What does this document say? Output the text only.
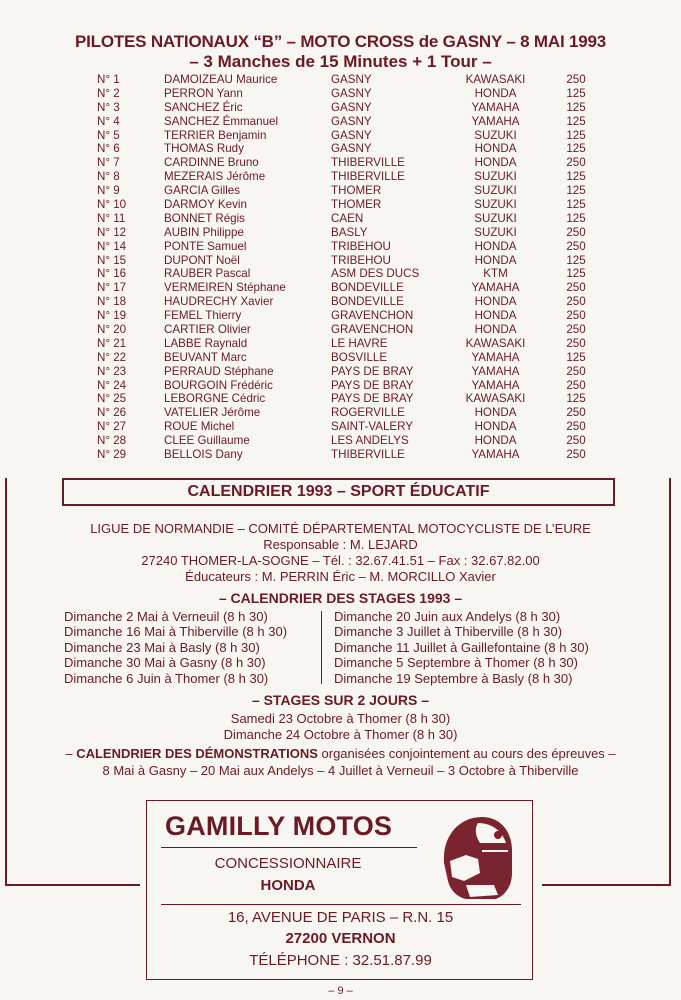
PILOTES NATIONAUX “B” – MOTO CROSS de GASNY – 8 MAI 1993
– 3 Manches de 15 Minutes + 1 Tour –
N° 1	DAMOIZEAU Maurice	GASNY	KAWASAKI	250
N° 2	PERRON Yann	GASNY	HONDA	125
N° 3	SANCHEZ Éric	GASNY	YAMAHA	125
N° 4	SANCHEZ Émmanuel	GASNY	YAMAHA	125
N° 5	TERRIER Benjamin	GASNY	SUZUKI	125
N° 6	THOMAS Rudy	GASNY	HONDA	125
N° 7	CARDINNE Bruno	THIBERVILLE	HONDA	250
N° 8	MEZERAIS Jérôme	THIBERVILLE	SUZUKI	125
N° 9	GARCIA Gilles	THOMER	SUZUKI	125
N° 10	DARMOY Kevin	THOMER	SUZUKI	125
N° 11	BONNET Régis	CAEN	SUZUKI	125
N° 12	AUBIN Philippe	BASLY	SUZUKI	250
N° 14	PONTE Samuel	TRIBEHOU	HONDA	250
N° 15	DUPONT Noël	TRIBEHOU	HONDA	125
N° 16	RAUBER Pascal	ASM DES DUCS	KTM	125
N° 17	VERMEIREN Stéphane	BONDEVILLE	YAMAHA	250
N° 18	HAUDRECHY Xavier	BONDEVILLE	HONDA	250
N° 19	FEMEL Thierry	GRAVENCHON	HONDA	250
N° 20	CARTIER Olivier	GRAVENCHON	HONDA	250
N° 21	LABBE Raynald	LE HAVRE	KAWASAKI	250
N° 22	BEUVANT Marc	BOSVILLE	YAMAHA	125
N° 23	PERRAUD Stéphane	PAYS DE BRAY	YAMAHA	250
N° 24	BOURGOIN Frédéric	PAYS DE BRAY	YAMAHA	250
N° 25	LEBORGNE Cédric	PAYS DE BRAY	KAWASAKI	125
N° 26	VATELIER Jérôme	ROGERVILLE	HONDA	250
N° 27	ROUE Michel	SAINT-VALERY	HONDA	250
N° 28	CLEE Guillaume	LES ANDELYS	HONDA	250
N° 29	BELLOIS Dany	THIBERVILLE	YAMAHA	250
CALENDRIER 1993 – SPORT ÉDUCATIF
LIGUE DE NORMANDIE – COMITÉ DÉPARTEMENTAL MOTOCYCLISTE DE L’EURE
Responsable : M. LEJARD
27240 THOMER-LA-SOGNE – Tél. : 32.67.41.51 – Fax : 32.67.82.00
Éducateurs : M. PERRIN Éric – M. MORCILLO Xavier
– CALENDRIER DES STAGES 1993 –
Dimanche 2 Mai à Verneuil (8 h 30)
Dimanche 16 Mai à Thiberville (8 h 30)
Dimanche 23 Mai à Basly (8 h 30)
Dimanche 30 Mai à Gasny (8 h 30)
Dimanche 6 Juin à Thomer (8 h 30)
Dimanche 20 Juin aux Andelys (8 h 30)
Dimanche 3 Juillet à Thiberville (8 h 30)
Dimanche 11 Juillet à Gaillefontaine (8 h 30)
Dimanche 5 Septembre à Thomer (8 h 30)
Dimanche 19 Septembre à Basly (8 h 30)
– STAGES SUR 2 JOURS –
Samedi 23 Octobre à Thomer (8 h 30)
Dimanche 24 Octobre à Thomer (8 h 30)
– CALENDRIER DES DÉMONSTRATIONS organisées conjointement au cours des épreuves –
8 Mai à Gasny – 20 Mai aux Andelys – 4 Juillet à Verneuil – 3 Octobre à Thiberville
GAMILLY MOTOS
CONCESSIONNAIRE
HONDA
16, AVENUE DE PARIS – R.N. 15
27200 VERNON
TÉLÉPHONE : 32.51.87.99
– 9 –
